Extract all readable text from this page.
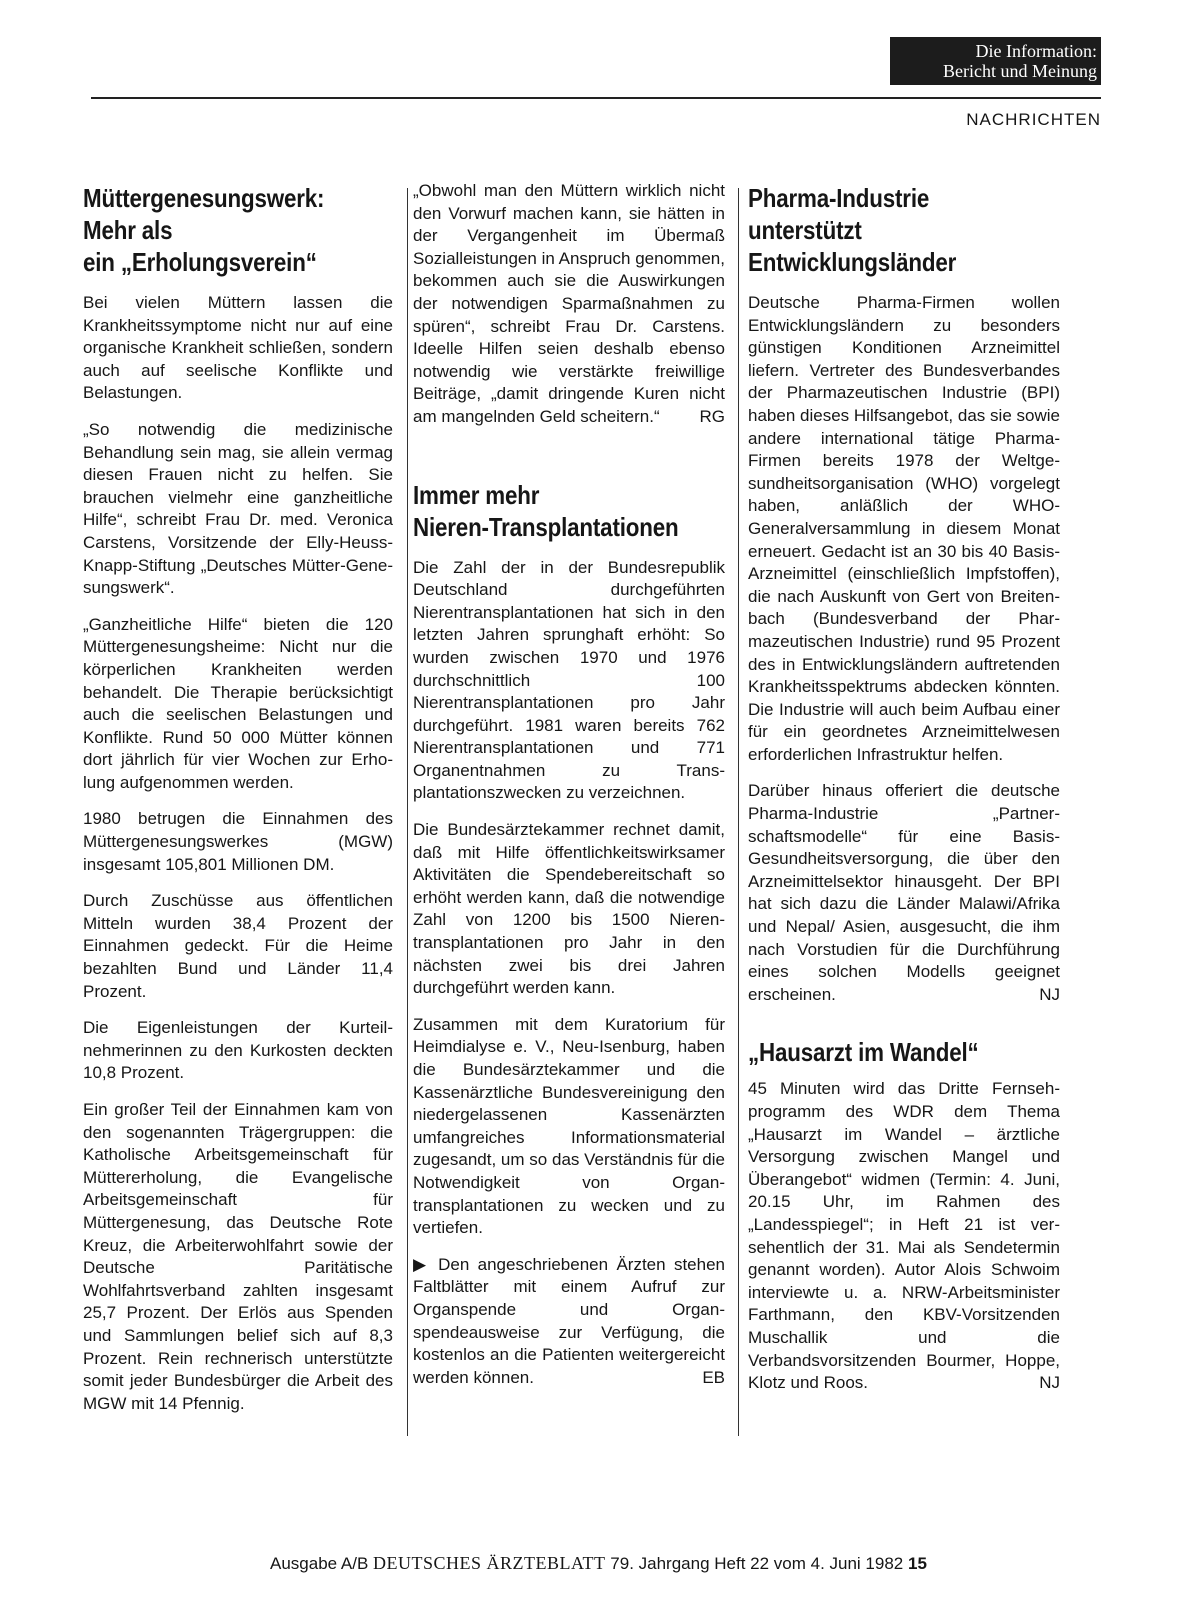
Die Information:
Bericht und Meinung
NACHRICHTEN
Müttergenesungswerk:
Mehr als
ein „Erholungsverein“

Bei vielen Müttern lassen die Krankheitssymptome nicht nur auf eine organische Krankheit schließen, sondern auch auf seelische Konflikte und Belastungen.

„So notwendig die medizinische Behandlung sein mag, sie allein vermag diesen Frauen nicht zu helfen. Sie brauchen vielmehr eine ganzheitliche Hilfe“, schreibt Frau Dr. med. Veronica Carstens, Vorsitzende der Elly-Heuss-Knapp-Stiftung „Deutsches Mütter-Genesungswerk“.

„Ganzheitliche Hilfe“ bieten die 120 Müttergenesungsheime: Nicht nur die körperlichen Krankheiten werden behandelt. Die Therapie berücksichtigt auch die seelischen Belastungen und Konflikte. Rund 50 000 Mütter können dort jährlich für vier Wochen zur Erholung aufgenommen werden.

1980 betrugen die Einnahmen des Müttergenesungswerkes (MGW) insgesamt 105,801 Millionen DM.

Durch Zuschüsse aus öffentlichen Mitteln wurden 38,4 Prozent der Einnahmen gedeckt. Für die Heime bezahlten Bund und Länder 11,4 Prozent.

Die Eigenleistungen der Kurteilnehmerinnen zu den Kurkosten deckten 10,8 Prozent.

Ein großer Teil der Einnahmen kam von den sogenannten Trägergruppen: die Katholische Arbeitsgemeinschaft für Müttererholung, die Evangelische Arbeitsgemeinschaft für Müttergenesung, das Deutsche Rote Kreuz, die Arbeiterwohlfahrt sowie der Deutsche Paritätische Wohlfahrtsverband zahlten insgesamt 25,7 Prozent. Der Erlös aus Spenden und Sammlungen belief sich auf 8,3 Prozent. Rein rechnerisch unterstützte somit jeder Bundesbürger die Arbeit des MGW mit 14 Pfennig.

„Obwohl man den Müttern wirklich nicht den Vorwurf machen kann, sie hätten in der Vergangenheit im Übermaß Sozialleistungen in Anspruch genommen, bekommen auch sie die Auswirkungen der notwendigen Sparmaßnahmen zu spüren“, schreibt Frau Dr. Carstens. Ideelle Hilfen seien deshalb ebenso notwendig wie verstärkte freiwillige Beiträge, „damit dringende Kuren nicht am mangelnden Geld scheitern.“ RG

Immer mehr
Nieren-Transplantationen

Die Zahl der in der Bundesrepublik Deutschland durchgeführten Nierentransplantationen hat sich in den letzten Jahren sprunghaft erhöht: So wurden zwischen 1970 und 1976 durchschnittlich 100 Nierentransplantationen pro Jahr durchgeführt. 1981 waren bereits 762 Nierentransplantationen und 771 Organentnahmen zu Transplantationszwecken zu verzeichnen.

Die Bundesärztekammer rechnet damit, daß mit Hilfe öffentlichkeitswirksamer Aktivitäten die Spendebereitschaft so erhöht werden kann, daß die notwendige Zahl von 1200 bis 1500 Nierentransplantationen pro Jahr in den nächsten zwei bis drei Jahren durchgeführt werden kann.

Zusammen mit dem Kuratorium für Heimdialyse e. V., Neu-Isenburg, haben die Bundesärztekammer und die Kassenärztliche Bundesvereinigung den niedergelassenen Kassenärzten umfangreiches Informationsmaterial zugesandt, um so das Verständnis für die Notwendigkeit von Organtransplantationen zu wecken und zu vertiefen.

▶ Den angeschriebenen Ärzten stehen Faltblätter mit einem Aufruf zur Organspende und Organspendeausweise zur Verfügung, die kostenlos an die Patienten weitergereicht werden können.	EB

Pharma-Industrie
unterstützt
Entwicklungsländer

Deutsche Pharma-Firmen wollen Entwicklungsländern zu besonders günstigen Konditionen Arzneimittel liefern. Vertreter des Bundesverbandes der Pharmazeutischen Industrie (BPI) haben dieses Hilfsangebot, das sie sowie andere international tätige Pharma-Firmen bereits 1978 der Weltgesundheitsorganisation (WHO) vorgelegt haben, anläßlich der WHO-Generalversammlung in diesem Monat erneuert. Gedacht ist an 30 bis 40 Basis-Arzneimittel (einschließlich Impfstoffen), die nach Auskunft von Gert von Breitenbach (Bundesverband der Pharmazeutischen Industrie) rund 95 Prozent des in Entwicklungsländern auftretenden Krankheitsspektrums abdecken könnten. Die Industrie will auch beim Aufbau einer für ein geordnetes Arzneimittelwesen erforderlichen Infrastruktur helfen.

Darüber hinaus offeriert die deutsche Pharma-Industrie „Partnerschaftsmodelle“ für eine Basis-Gesundheitsversorgung, die über den Arzneimittelsektor hinausgeht. Der BPI hat sich dazu die Länder Malawi/Afrika und Nepal/ Asien, ausgesucht, die ihm nach Vorstudien für die Durchführung eines solchen Modells geeignet erscheinen.	NJ

„Hausarzt im Wandel“

45 Minuten wird das Dritte Fernsehprogramm des WDR dem Thema „Hausarzt im Wandel – ärztliche Versorgung zwischen Mangel und Überangebot“ widmen (Termin: 4. Juni, 20.15 Uhr, im Rahmen des „Landesspiegel“; in Heft 21 ist versehentlich der 31. Mai als Sendetermin genannt worden). Autor Alois Schwoim interviewte u. a. NRW-Arbeitsminister Farthmann, den KBV-Vorsitzenden Muschallik und die Verbandsvorsitzenden Bourmer, Hoppe, Klotz und Roos.	NJ

Ausgabe A/B DEUTSCHES ÄRZTEBLATT 79. Jahrgang Heft 22 vom 4. Juni 1982 15
